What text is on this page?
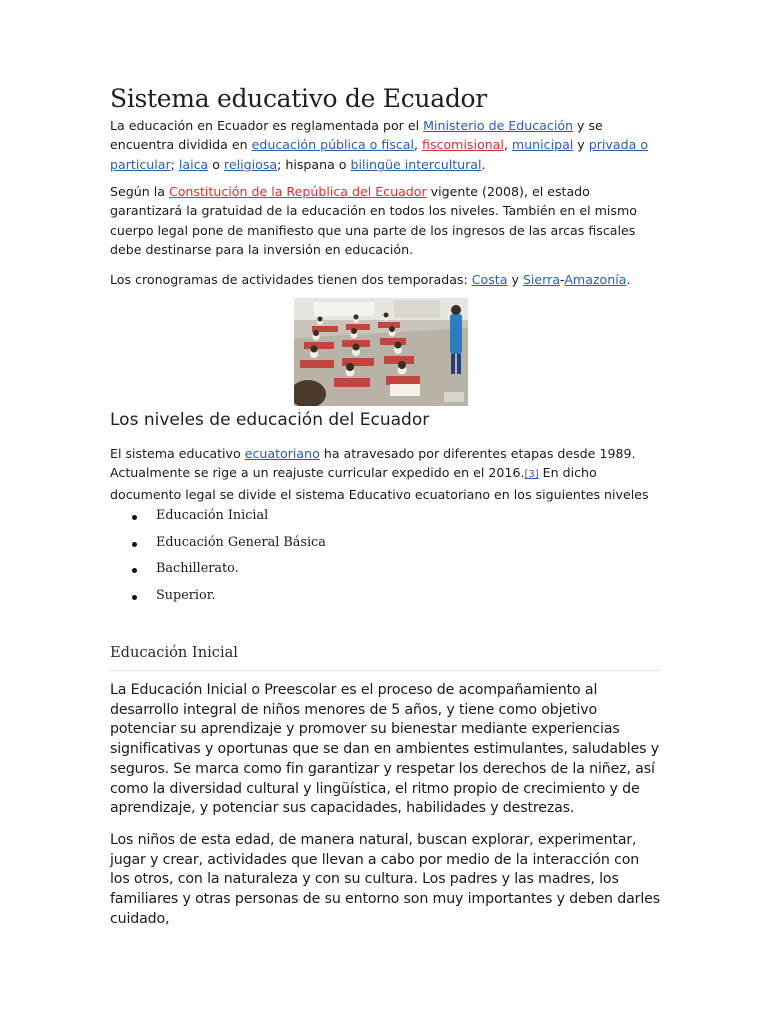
Sistema educativo de Ecuador

La educación en Ecuador es reglamentada por el Ministerio de Educación y se encuentra dividida en educación pública o fiscal, fiscomisional, municipal y privada o particular; laica o religiosa; hispana o bilingüe intercultural.

Según la Constitución de la República del Ecuador vigente (2008), el estado garantizará la gratuidad de la educación en todos los niveles. También en el mismo cuerpo legal pone de manifiesto que una parte de los ingresos de las arcas fiscales debe destinarse para la inversión en educación.

Los cronogramas de actividades tienen dos temporadas: Costa y Sierra-Amazonía.

Los niveles de educación del Ecuador

El sistema educativo ecuatoriano ha atravesado por diferentes etapas desde 1989. Actualmente se rige a un reajuste curricular expedido en el 2016.[3] En dicho documento legal se divide el sistema Educativo ecuatoriano en los siguientes niveles

Educación Inicial
Educación General Básica
Bachillerato.
Superior.
Educación Inicial

La Educación Inicial o Preescolar es el proceso de acompañamiento al desarrollo integral de niños menores de 5 años, y tiene como objetivo potenciar su aprendizaje y promover su bienestar mediante experiencias significativas y oportunas que se dan en ambientes estimulantes, saludables y seguros. Se marca como fin garantizar y respetar los derechos de la niñez, así como la diversidad cultural y lingüística, el ritmo propio de crecimiento y de aprendizaje, y potenciar sus capacidades, habilidades y destrezas.

Los niños de esta edad, de manera natural, buscan explorar, experimentar, jugar y crear, actividades que llevan a cabo por medio de la interacción con los otros, con la naturaleza y con su cultura. Los padres y las madres, los familiares y otras personas de su entorno son muy importantes y deben darles cuidado,
